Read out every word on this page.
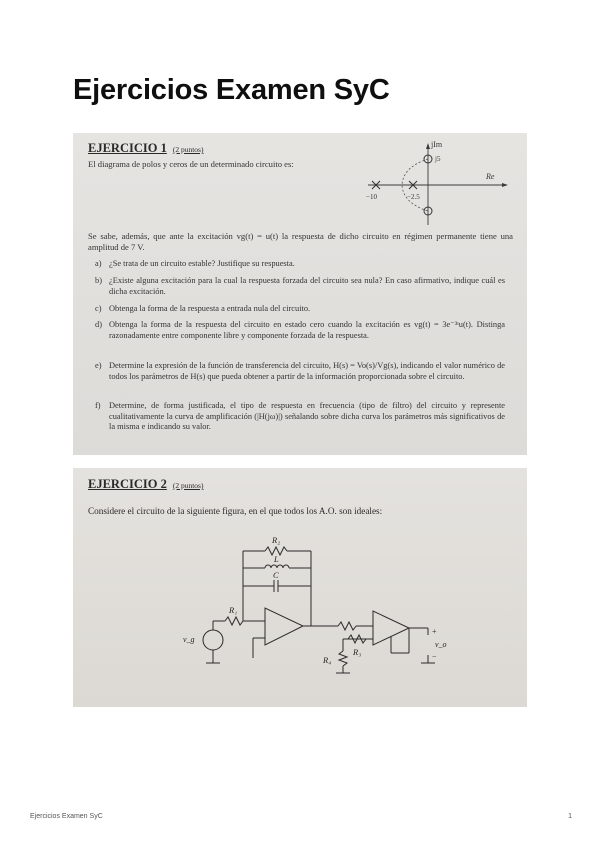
Ejercicios Examen SyC
EJERCICIO 1 (2 puntos)
El diagrama de polos y ceros de un determinado circuito es:
jIm
Re
j5
−10	−2.5
Se sabe, además, que ante la excitación vg(t) = u(t) la respuesta de dicho circuito en régimen permanente tiene una amplitud de 7 V.
a) ¿Se trata de un circuito estable? Justifique su respuesta.
b) ¿Existe alguna excitación para la cual la respuesta forzada del circuito sea nula? En caso afirmativo, indique cuál es dicha excitación.
c) Obtenga la forma de la respuesta a entrada nula del circuito.
d) Obtenga la forma de la respuesta del circuito en estado cero cuando la excitación es vg(t) = 3e⁻³ᵗu(t). Distinga razonadamente entre componente libre y componente forzada de la respuesta.
e) Determine la expresión de la función de transferencia del circuito, H(s) = Vo(s)/Vg(s), indicando el valor numérico de todos los parámetros de H(s) que pueda obtener a partir de la información proporcionada sobre el circuito.
f) Determine, de forma justificada, el tipo de respuesta en frecuencia (tipo de filtro) del circuito y represente cualitativamente la curva de amplificación (|H(jω)|) señalando sobre dicha curva los parámetros más significativos de la misma e indicando su valor.
EJERCICIO 2 (2 puntos)
Considere el circuito de la siguiente figura, en el que todos los A.O. son ideales:
R₂
L
C
R₁
v_g
R₄
R₃
v_o
+
−
Ejercicios Examen SyC	1
